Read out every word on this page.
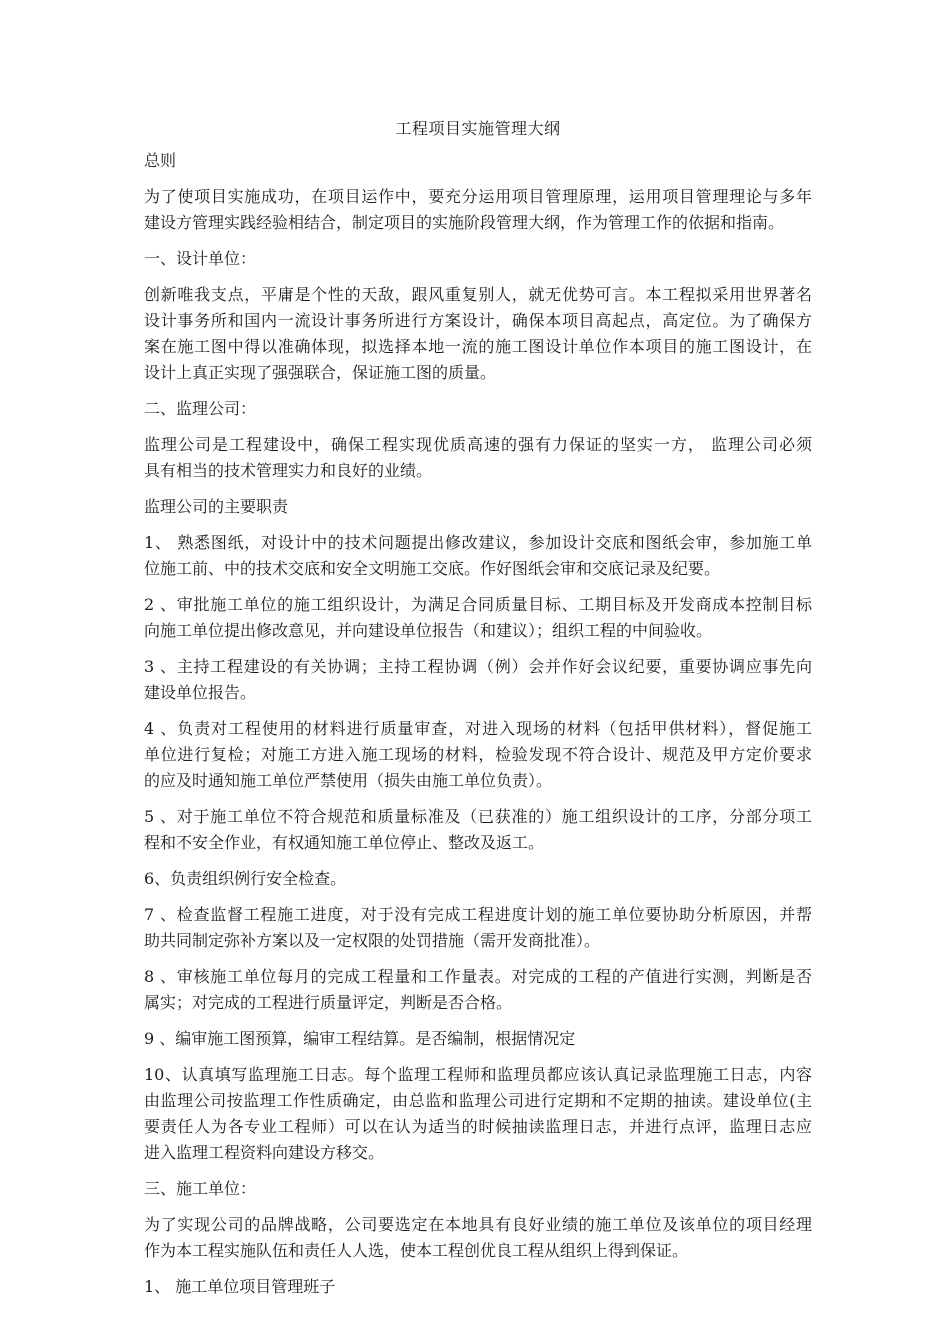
工程项目实施管理大纲
总则
为了使项目实施成功，在项目运作中，要充分运用项目管理原理，运用项目管理理论与多年
建设方管理实践经验相结合，制定项目的实施阶段管理大纲，作为管理工作的依据和指南。
一、设计单位：
创新唯我支点，平庸是个性的天敌，跟风重复别人，就无优势可言。本工程拟采用世界著名
设计事务所和国内一流设计事务所进行方案设计，确保本项目高起点，高定位。为了确保方
案在施工图中得以准确体现，拟选择本地一流的施工图设计单位作本项目的施工图设计，在
设计上真正实现了强强联合，保证施工图的质量。
二、监理公司：
监理公司是工程建设中，确保工程实现优质高速的强有力保证的坚实一方， 监理公司必须
具有相当的技术管理实力和良好的业绩。
监理公司的主要职责
1、 熟悉图纸，对设计中的技术问题提出修改建议，参加设计交底和图纸会审，参加施工单
位施工前、中的技术交底和安全文明施工交底。作好图纸会审和交底记录及纪要。
2 、审批施工单位的施工组织设计，为满足合同质量目标、工期目标及开发商成本控制目标
向施工单位提出修改意见，并向建设单位报告（和建议）；组织工程的中间验收。
3 、主持工程建设的有关协调；主持工程协调（例）会并作好会议纪要，重要协调应事先向
建设单位报告。
4 、负责对工程使用的材料进行质量审查，对进入现场的材料（包括甲供材料），督促施工
单位进行复检；对施工方进入施工现场的材料，检验发现不符合设计、规范及甲方定价要求
的应及时通知施工单位严禁使用（损失由施工单位负责）。
5 、对于施工单位不符合规范和质量标准及（已获准的）施工组织设计的工序，分部分项工
程和不安全作业，有权通知施工单位停止、整改及返工。
6、负责组织例行安全检查。
7 、检查监督工程施工进度，对于没有完成工程进度计划的施工单位要协助分析原因，并帮
助共同制定弥补方案以及一定权限的处罚措施（需开发商批准）。
8 、审核施工单位每月的完成工程量和工作量表。对完成的工程的产值进行实测，判断是否
属实；对完成的工程进行质量评定，判断是否合格。
9 、编审施工图预算，编审工程结算。是否编制，根据情况定
10、认真填写监理施工日志。每个监理工程师和监理员都应该认真记录监理施工日志，内容
由监理公司按监理工作性质确定，由总监和监理公司进行定期和不定期的抽读。建设单位(主
要责任人为各专业工程师）可以在认为适当的时候抽读监理日志，并进行点评，监理日志应
进入监理工程资料向建设方移交。
三、施工单位：
为了实现公司的品牌战略，公司要选定在本地具有良好业绩的施工单位及该单位的项目经理
作为本工程实施队伍和责任人人选，使本工程创优良工程从组织上得到保证。
1、 施工单位项目管理班子
